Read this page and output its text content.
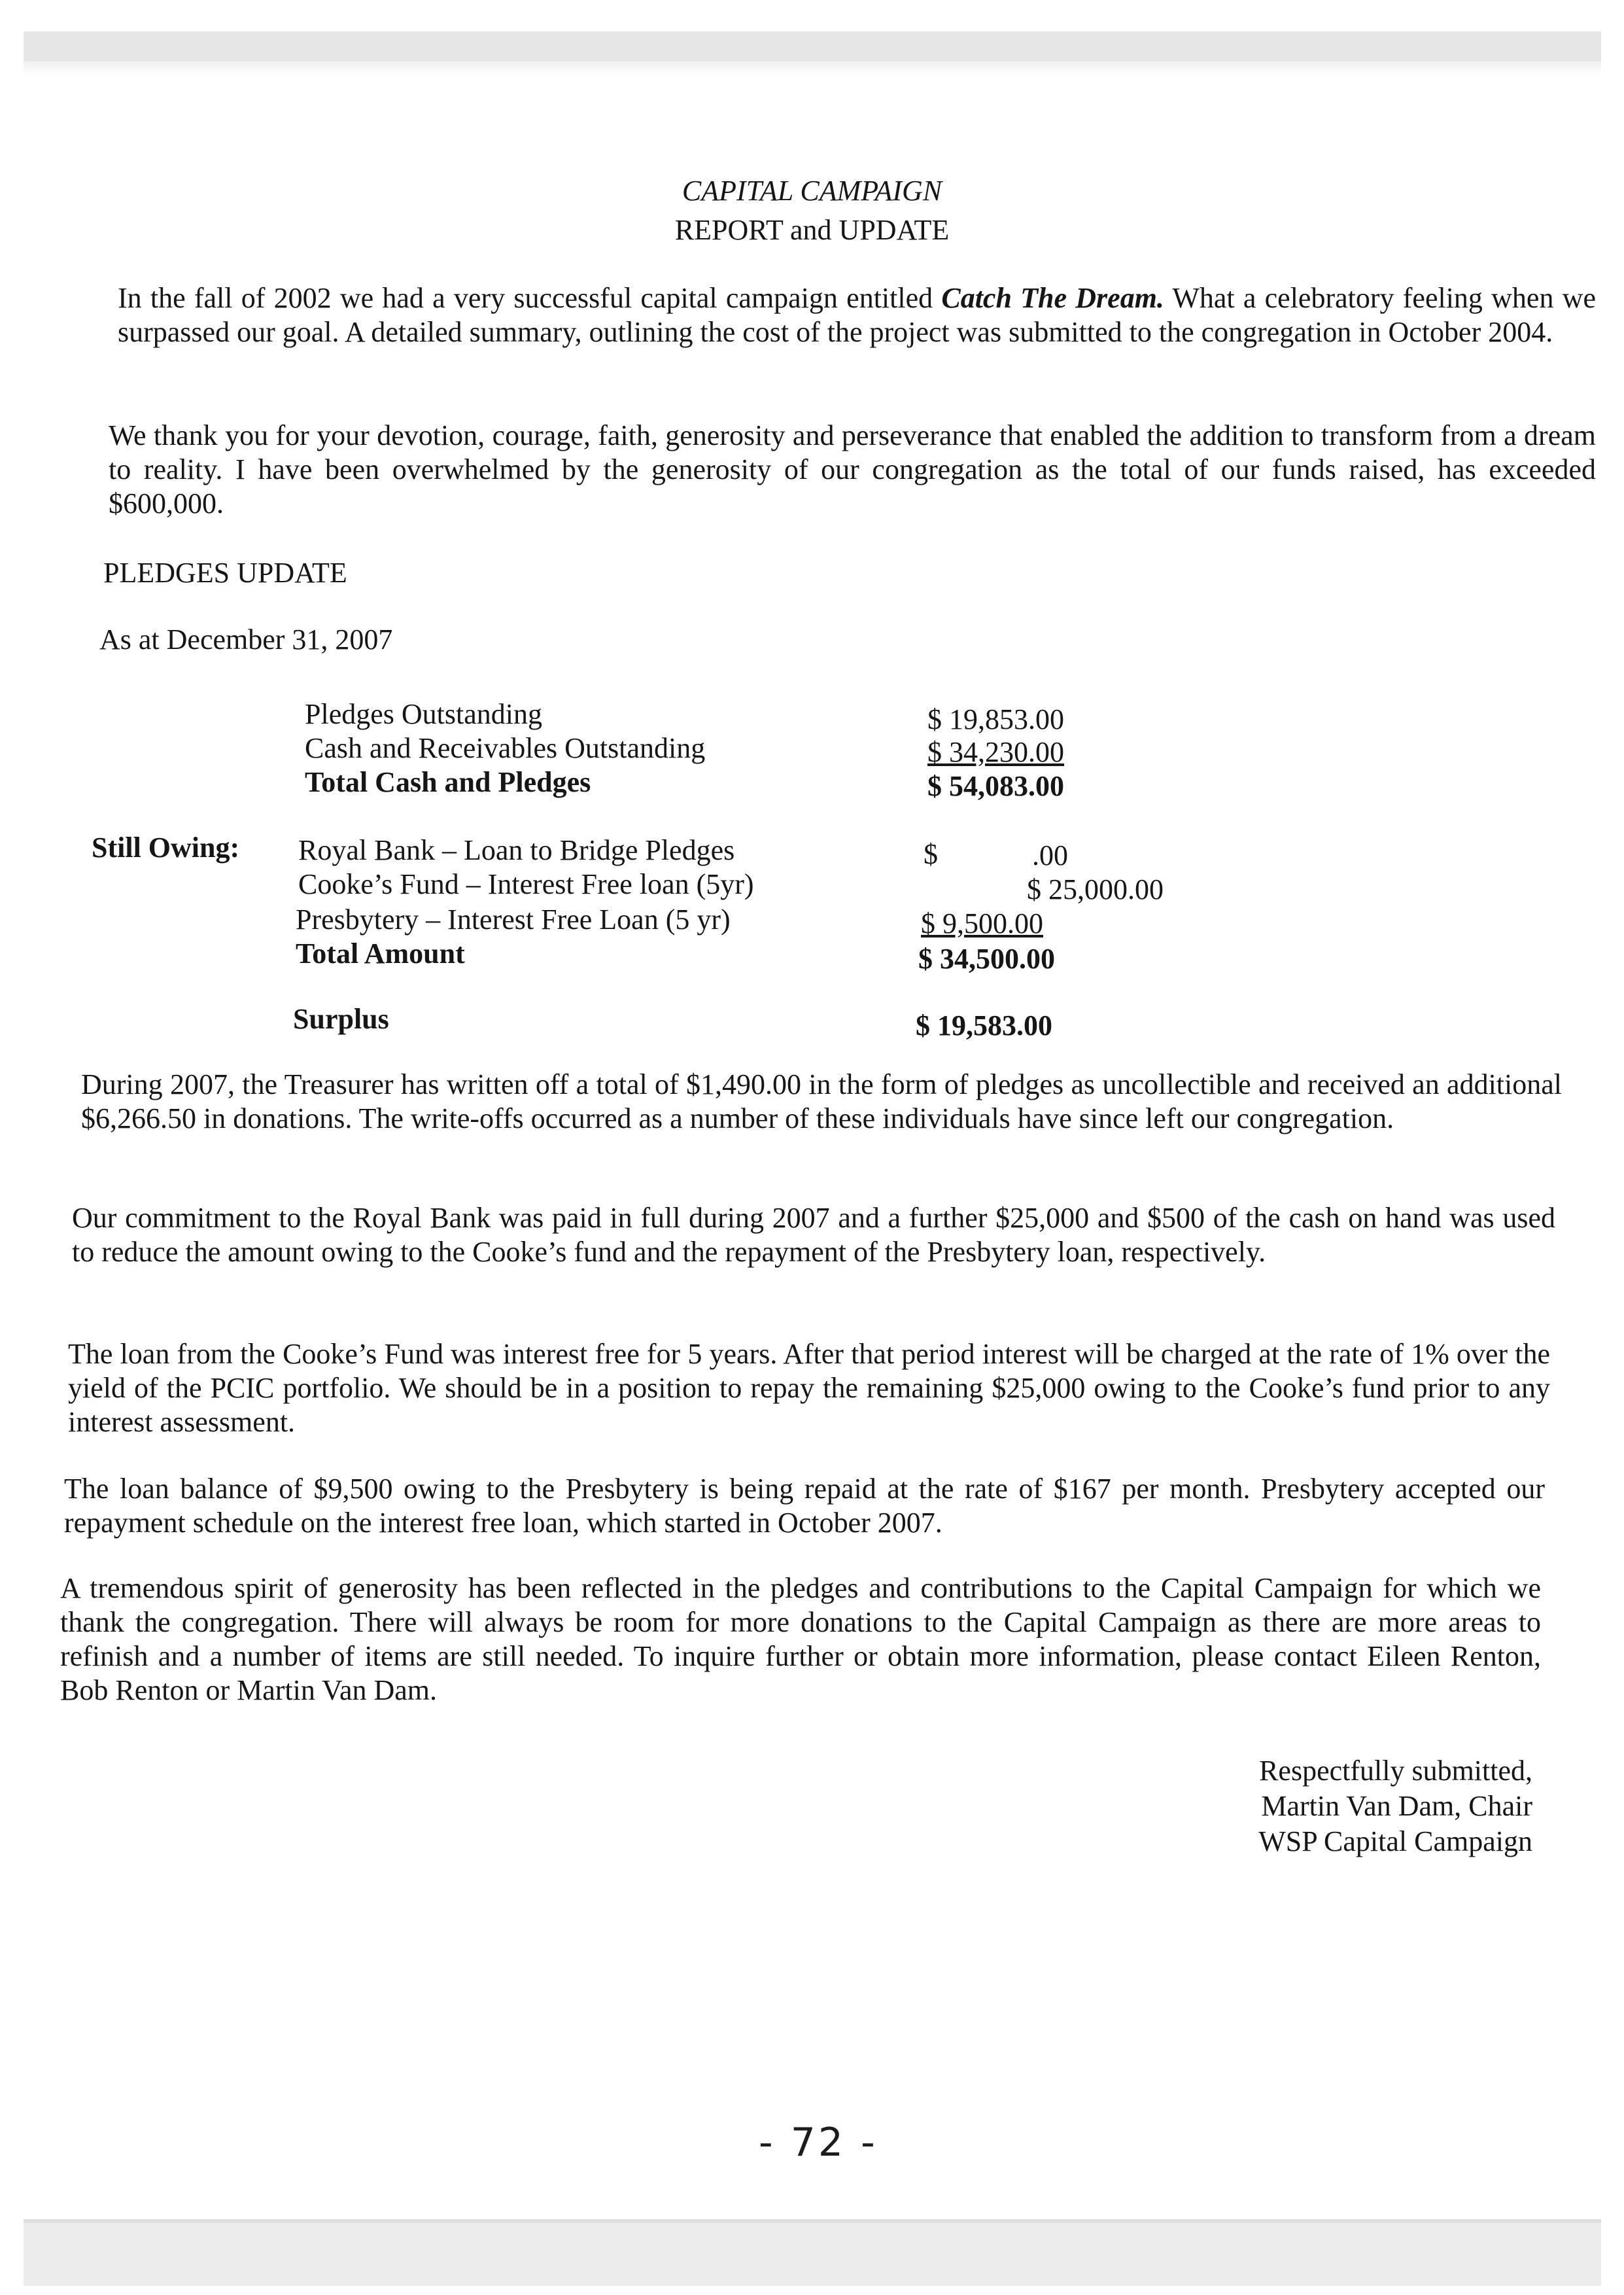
CAPITAL CAMPAIGN
REPORT and UPDATE

In the fall of 2002 we had a very successful capital campaign entitled Catch The Dream. What a celebratory feeling when we surpassed our goal. A detailed summary, outlining the cost of the project was submitted to the congregation in October 2004.

We thank you for your devotion, courage, faith, generosity and perseverance that enabled the addition to transform from a dream to reality. I have been overwhelmed by the generosity of our congregation as the total of our funds raised, has exceeded $600,000.

PLEDGES UPDATE

As at December 31, 2007

Pledges Outstanding	$ 19,853.00
Cash and Receivables Outstanding	$ 34,230.00
Total Cash and Pledges	$ 54,083.00
Still Owing: Royal Bank – Loan to Bridge Pledges	$	.00
Cooke’s Fund – Interest Free loan (5yr)	$ 25,000.00
Presbytery – Interest Free Loan (5 yr)	$ 9,500.00
Total Amount	$ 34,500.00
Surplus	$ 19,583.00

During 2007, the Treasurer has written off a total of $1,490.00 in the form of pledges as uncollectible and received an additional $6,266.50 in donations. The write-offs occurred as a number of these individuals have since left our congregation.

Our commitment to the Royal Bank was paid in full during 2007 and a further $25,000 and $500 of the cash on hand was used to reduce the amount owing to the Cooke’s fund and the repayment of the Presbytery loan, respectively.

The loan from the Cooke’s Fund was interest free for 5 years. After that period interest will be charged at the rate of 1% over the yield of the PCIC portfolio. We should be in a position to repay the remaining $25,000 owing to the Cooke’s fund prior to any interest assessment.

The loan balance of $9,500 owing to the Presbytery is being repaid at the rate of $167 per month. Presbytery accepted our repayment schedule on the interest free loan, which started in October 2007.

A tremendous spirit of generosity has been reflected in the pledges and contributions to the Capital Campaign for which we thank the congregation. There will always be room for more donations to the Capital Campaign as there are more areas to refinish and a number of items are still needed. To inquire further or obtain more information, please contact Eileen Renton, Bob Renton or Martin Van Dam.

Respectfully submitted,
Martin Van Dam, Chair
WSP Capital Campaign
- 72 -
